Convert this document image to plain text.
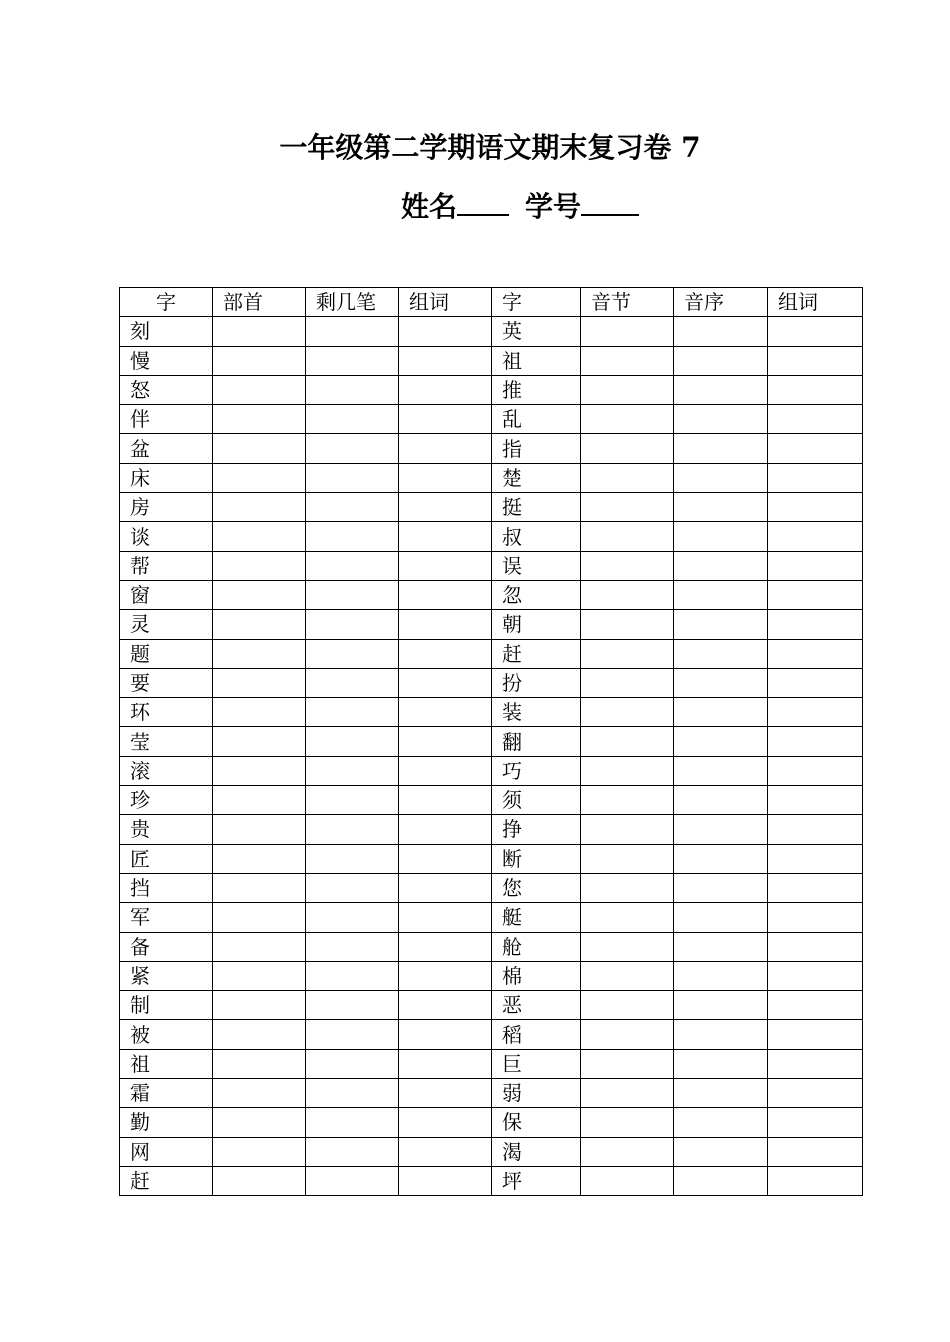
一年级第二学期语文期末复习卷 7
姓名 学号
字	部首	剩几笔	组词	字	音节	音序	组词
刻				英			
慢				祖			
怒				推			
伴				乱			
盆				指			
床				楚			
房				挺			
谈				叔			
帮				误			
窗				忽			
灵				朝			
题				赶			
要				扮			
环				装			
莹				翻			
滚				巧			
珍				须			
贵				挣			
匠				断			
挡				您			
军				艇			
备				舱			
紧				棉			
制				恶			
被				稻			
祖				巨			
霜				弱			
勤				保			
网				渴			
赶				坪			
